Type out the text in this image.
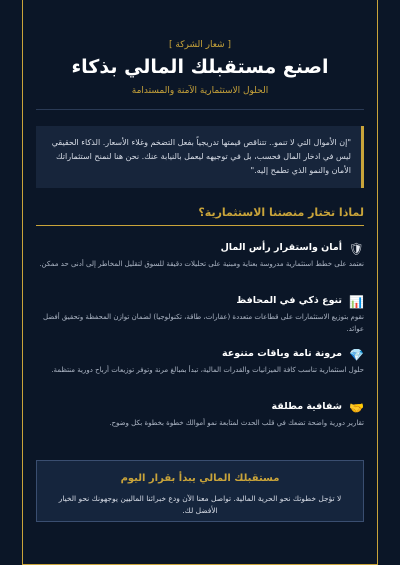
[ شعار الشركة ]
اصنع مستقبلك المالي بذكاء
الحلول الاستثمارية الآمنة والمستدامة
"إن الأموال التي لا تنمو.. تتناقص قيمتها تدريجياً بفعل التضخم وغلاء الأسعار. الذكاء الحقيقي ليس في ادخار المال فحسب، بل في توجيهه ليعمل بالنيابة عنك. نحن هنا لنمنح استثماراتك الأمان والنمو الذي تطمح إليه."
لماذا تختار منصتنا الاستثمارية؟
🛡
أمان واستقرار رأس المال
نعتمد على خطط استثمارية مدروسة بعناية ومبنية على تحليلات دقيقة للسوق لتقليل المخاطر إلى أدنى حد ممكن.
📊
تنوع ذكي في المحافظ
نقوم بتوزيع الاستثمارات على قطاعات متعددة (عقارات، طاقة، تكنولوجيا) لضمان توازن المحفظة وتحقيق أفضل عوائد.
💎
مرونة تامة وباقات متنوعة
حلول استثمارية تناسب كافة الميزانيات والقدرات المالية، تبدأ بمبالغ مرنة وتوفر توزيعات أرباح دورية منتظمة.
🤝
شفافية مطلقة
تقارير دورية واضحة تضعك في قلب الحدث لمتابعة نمو أموالك خطوة بخطوة بكل وضوح.
مستقبلك المالي يبدأ بقرار اليوم
لا تؤجل خطوتك نحو الحرية المالية. تواصل معنا الآن ودع خبرائنا الماليين يوجهونك نحو الخيار الأفضل لك.
